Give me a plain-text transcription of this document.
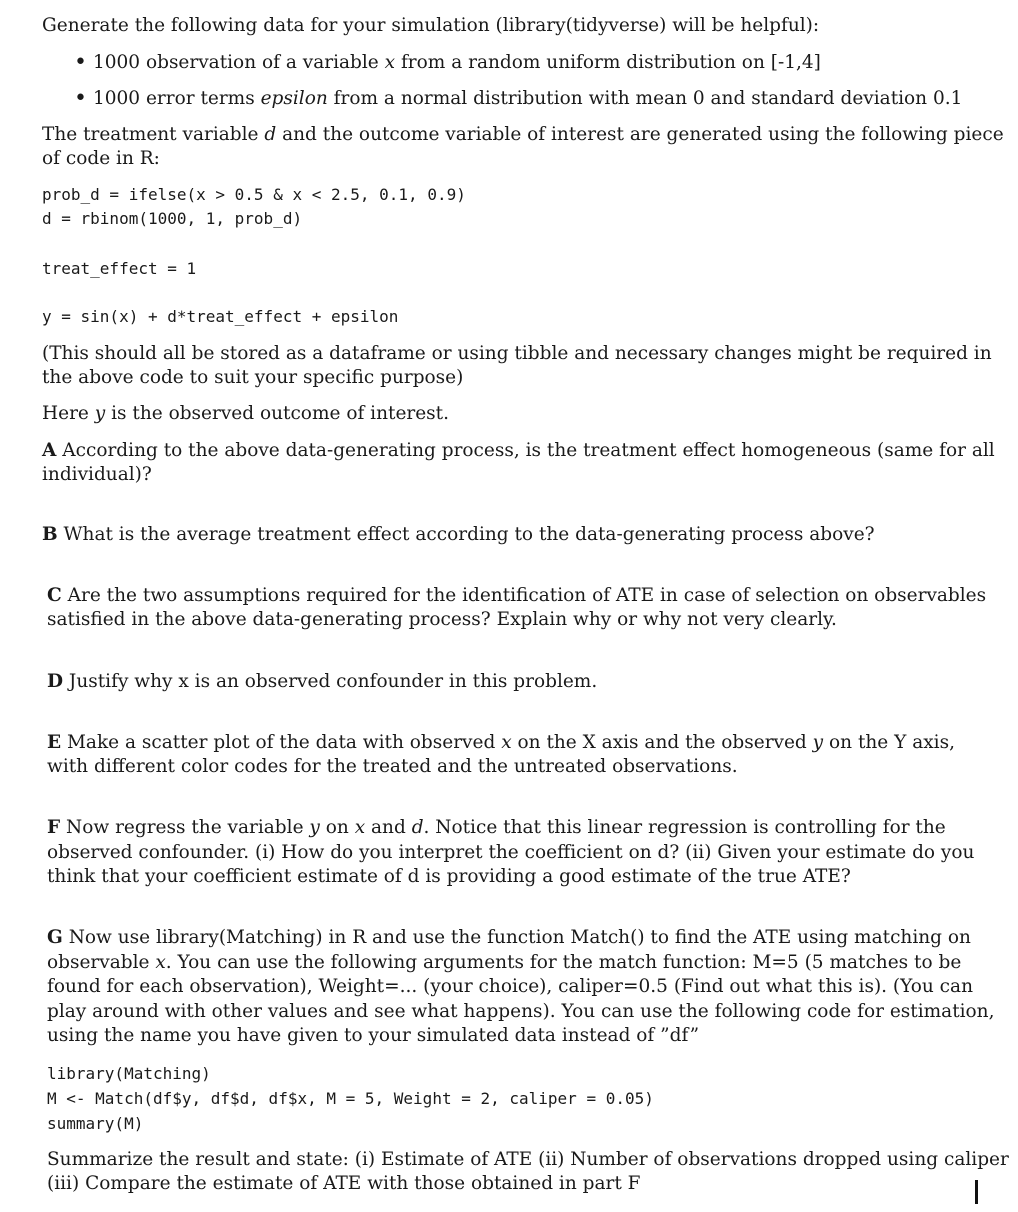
Generate the following data for your simulation (library(tidyverse) will be helpful):
• 1000 observation of a variable x from a random uniform distribution on [-1,4]
• 1000 error terms epsilon from a normal distribution with mean 0 and standard deviation 0.1
The treatment variable d and the outcome variable of interest are generated using the following piece
of code in R:
prob_d = ifelse(x > 0.5 & x < 2.5, 0.1, 0.9)
d = rbinom(1000, 1, prob_d)
treat_effect = 1
y = sin(x) + d*treat_effect + epsilon
(This should all be stored as a dataframe or using tibble and necessary changes might be required in
the above code to suit your specific purpose)
Here y is the observed outcome of interest.
A According to the above data-generating process, is the treatment effect homogeneous (same for all
individual)?
B What is the average treatment effect according to the data-generating process above?
C Are the two assumptions required for the identification of ATE in case of selection on observables
satisfied in the above data-generating process? Explain why or why not very clearly.
D Justify why x is an observed confounder in this problem.
E Make a scatter plot of the data with observed x on the X axis and the observed y on the Y axis,
with different color codes for the treated and the untreated observations.
F Now regress the variable y on x and d. Notice that this linear regression is controlling for the
observed confounder. (i) How do you interpret the coefficient on d? (ii) Given your estimate do you
think that your coefficient estimate of d is providing a good estimate of the true ATE?
G Now use library(Matching) in R and use the function Match() to find the ATE using matching on
observable x. You can use the following arguments for the match function: M=5 (5 matches to be
found for each observation), Weight=... (your choice), caliper=0.5 (Find out what this is). (You can
play around with other values and see what happens). You can use the following code for estimation,
using the name you have given to your simulated data instead of ”df”
library(Matching)
M <- Match(df$y, df$d, df$x, M = 5, Weight = 2, caliper = 0.05)
summary(M)
Summarize the result and state: (i) Estimate of ATE (ii) Number of observations dropped using caliper
(iii) Compare the estimate of ATE with those obtained in part F
